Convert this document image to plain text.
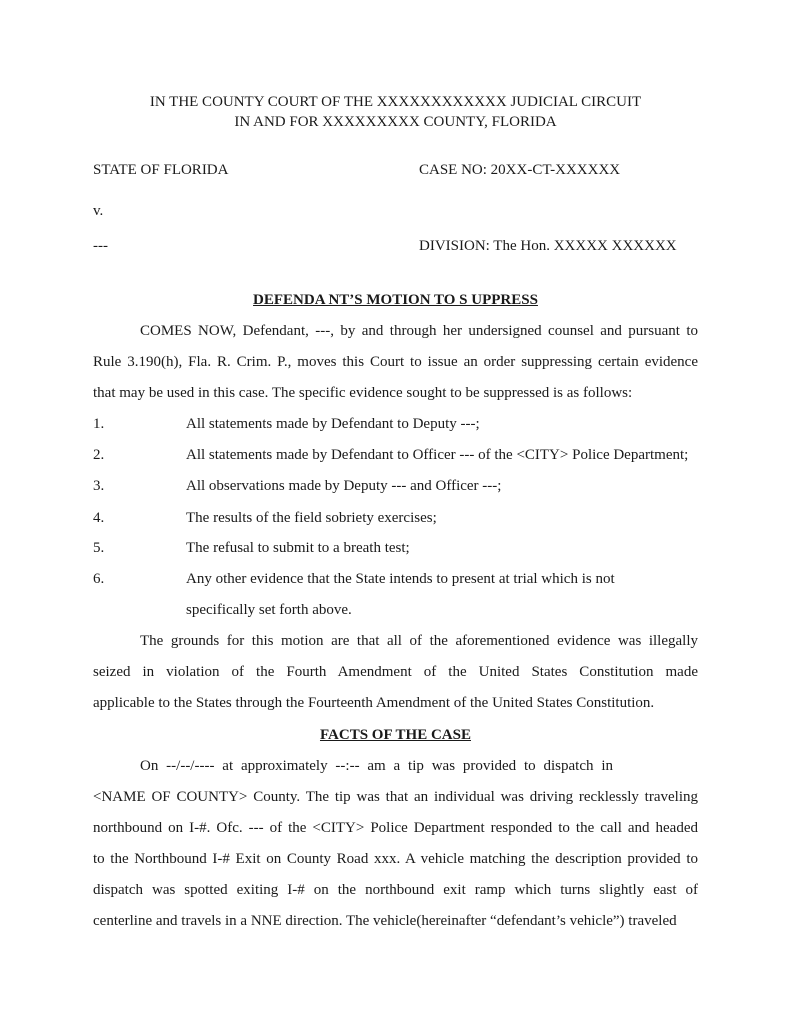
IN THE COUNTY COURT OF THE XXXXXXXXXXXX JUDICIAL CIRCUIT
IN AND FOR XXXXXXXXX COUNTY, FLORIDA
STATE OF FLORIDA	CASE NO: 20XX-CT-XXXXXX
v.
---	DIVISION: The Hon. XXXXX XXXXXX
DEFENDA NT’S MOTION TO S UPPRESS
COMES NOW, Defendant, ---, by and through her undersigned counsel and pursuant to
Rule 3.190(h), Fla. R. Crim. P., moves this Court to issue an order suppressing certain evidence
that may be used in this case. The specific evidence sought to be suppressed is as follows:
1.	All statements made by Defendant to Deputy ---;
2.	All statements made by Defendant to Officer --- of the <CITY> Police Department;
3.	All observations made by Deputy --- and Officer ---;
4.	The results of the field sobriety exercises;
5.	The refusal to submit to a breath test;
6.	Any other evidence that the State intends to present at trial which is not
specifically set forth above.
The grounds for this motion are that all of the aforementioned evidence was illegally
seized in violation of the Fourth Amendment of the United States Constitution made
applicable to the States through the Fourteenth Amendment of the United States Constitution.
FACTS OF THE CASE
On --/--/---- at approximately --:-- am a tip was provided to dispatch in
<NAME OF COUNTY> County. The tip was that an individual was driving recklessly traveling
northbound on I-#. Ofc. --- of the <CITY> Police Department responded to the call and headed
to the Northbound I-# Exit on County Road xxx. A vehicle matching the description provided to
dispatch was spotted exiting I-# on the northbound exit ramp which turns slightly east of
centerline and travels in a NNE direction. The vehicle(hereinafter “defendant’s vehicle”) traveled
